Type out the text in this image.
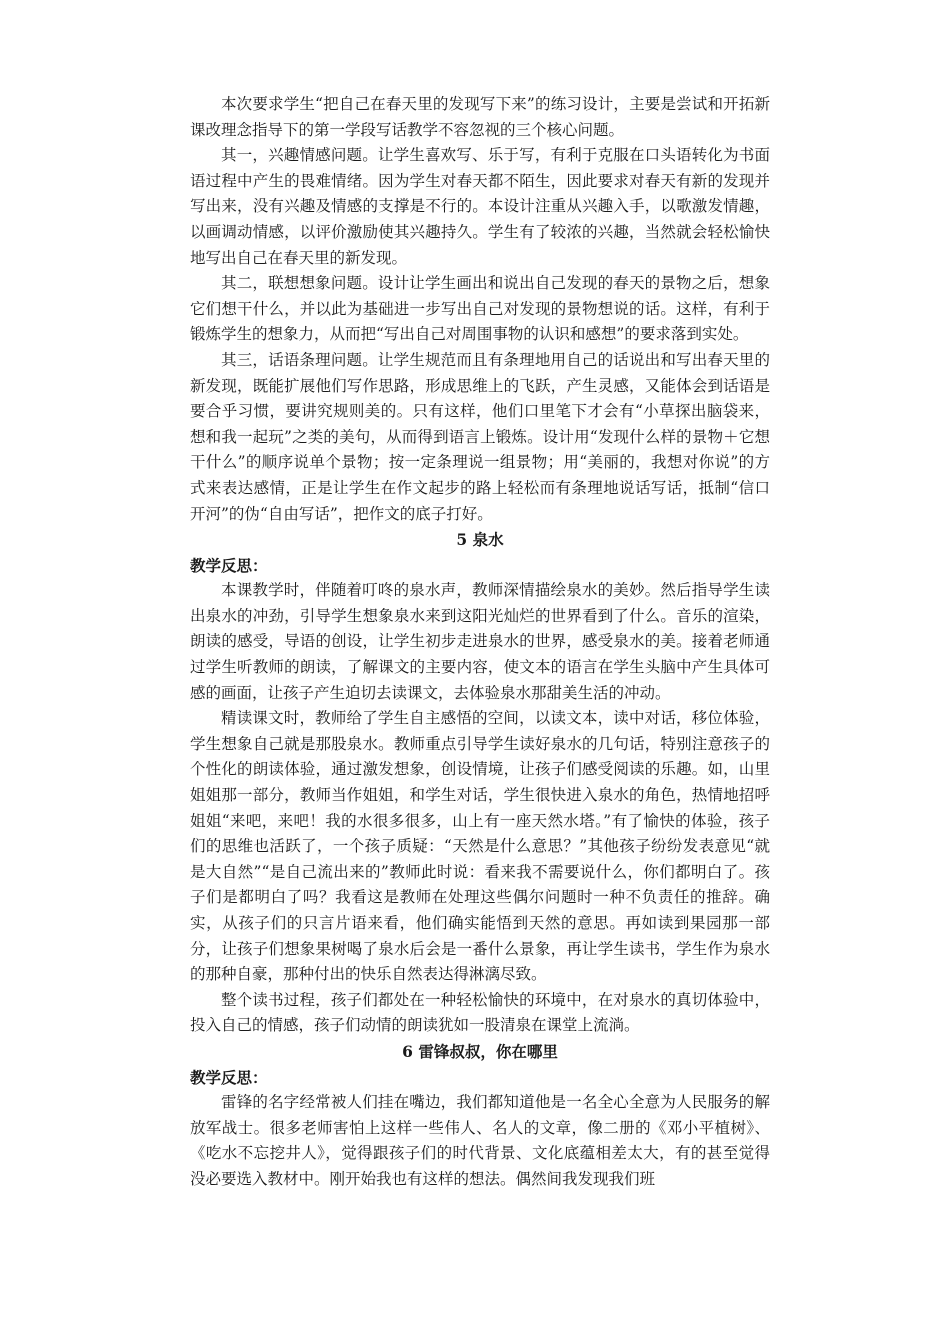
本次要求学生“把自己在春天里的发现写下来”的练习设计，主要是尝试和开拓新课改理念指导下的第一学段写话教学不容忽视的三个核心问题。

其一，兴趣情感问题。让学生喜欢写、乐于写，有利于克服在口头语转化为书面语过程中产生的畏难情绪。因为学生对春天都不陌生，因此要求对春天有新的发现并写出来，没有兴趣及情感的支撑是不行的。本设计注重从兴趣入手，以歌激发情趣，以画调动情感，以评价激励使其兴趣持久。学生有了较浓的兴趣，当然就会轻松愉快地写出自己在春天里的新发现。

其二，联想想象问题。设计让学生画出和说出自己发现的春天的景物之后，想象它们想干什么，并以此为基础进一步写出自己对发现的景物想说的话。这样，有利于锻炼学生的想象力，从而把“写出自己对周围事物的认识和感想”的要求落到实处。

其三，话语条理问题。让学生规范而且有条理地用自己的话说出和写出春天里的新发现，既能扩展他们写作思路，形成思维上的飞跃，产生灵感，又能体会到话语是要合乎习惯，要讲究规则美的。只有这样，他们口里笔下才会有“小草探出脑袋来，想和我一起玩”之类的美句，从而得到语言上锻炼。设计用“发现什么样的景物＋它想干什么”的顺序说单个景物；按一定条理说一组景物；用“美丽的，我想对你说”的方式来表达感情，正是让学生在作文起步的路上轻松而有条理地说话写话，抵制“信口开河”的伪“自由写话”，把作文的底子打好。

5 泉水

教学反思：

本课教学时，伴随着叮咚的泉水声，教师深情描绘泉水的美妙。然后指导学生读出泉水的冲劲，引导学生想象泉水来到这阳光灿烂的世界看到了什么。音乐的渲染，朗读的感受，导语的创设，让学生初步走进泉水的世界，感受泉水的美。接着老师通过学生听教师的朗读，了解课文的主要内容，使文本的语言在学生头脑中产生具体可感的画面，让孩子产生迫切去读课文，去体验泉水那甜美生活的冲动。

精读课文时，教师给了学生自主感悟的空间，以读文本，读中对话，移位体验，学生想象自己就是那股泉水。教师重点引导学生读好泉水的几句话，特别注意孩子的个性化的朗读体验，通过激发想象，创设情境，让孩子们感受阅读的乐趣。如，山里姐姐那一部分，教师当作姐姐，和学生对话，学生很快进入泉水的角色，热情地招呼姐姐“来吧，来吧！我的水很多很多，山上有一座天然水塔。”有了愉快的体验，孩子们的思维也活跃了，一个孩子质疑：“天然是什么意思？”其他孩子纷纷发表意见“就是大自然”“是自己流出来的”教师此时说：看来我不需要说什么，你们都明白了。孩子们是都明白了吗？我看这是教师在处理这些偶尔问题时一种不负责任的推辞。确实，从孩子们的只言片语来看，他们确实能悟到天然的意思。再如读到果园那一部分，让孩子们想象果树喝了泉水后会是一番什么景象，再让学生读书，学生作为泉水的那种自豪，那种付出的快乐自然表达得淋漓尽致。

整个读书过程，孩子们都处在一种轻松愉快的环境中，在对泉水的真切体验中，投入自己的情感，孩子们动情的朗读犹如一股清泉在课堂上流淌。

6 雷锋叔叔，你在哪里

教学反思：

雷锋的名字经常被人们挂在嘴边，我们都知道他是一名全心全意为人民服务的解放军战士。很多老师害怕上这样一些伟人、名人的文章，像二册的《邓小平植树》、《吃水不忘挖井人》，觉得跟孩子们的时代背景、文化底蕴相差太大，有的甚至觉得没必要选入教材中。刚开始我也有这样的想法。偶然间我发现我们班
